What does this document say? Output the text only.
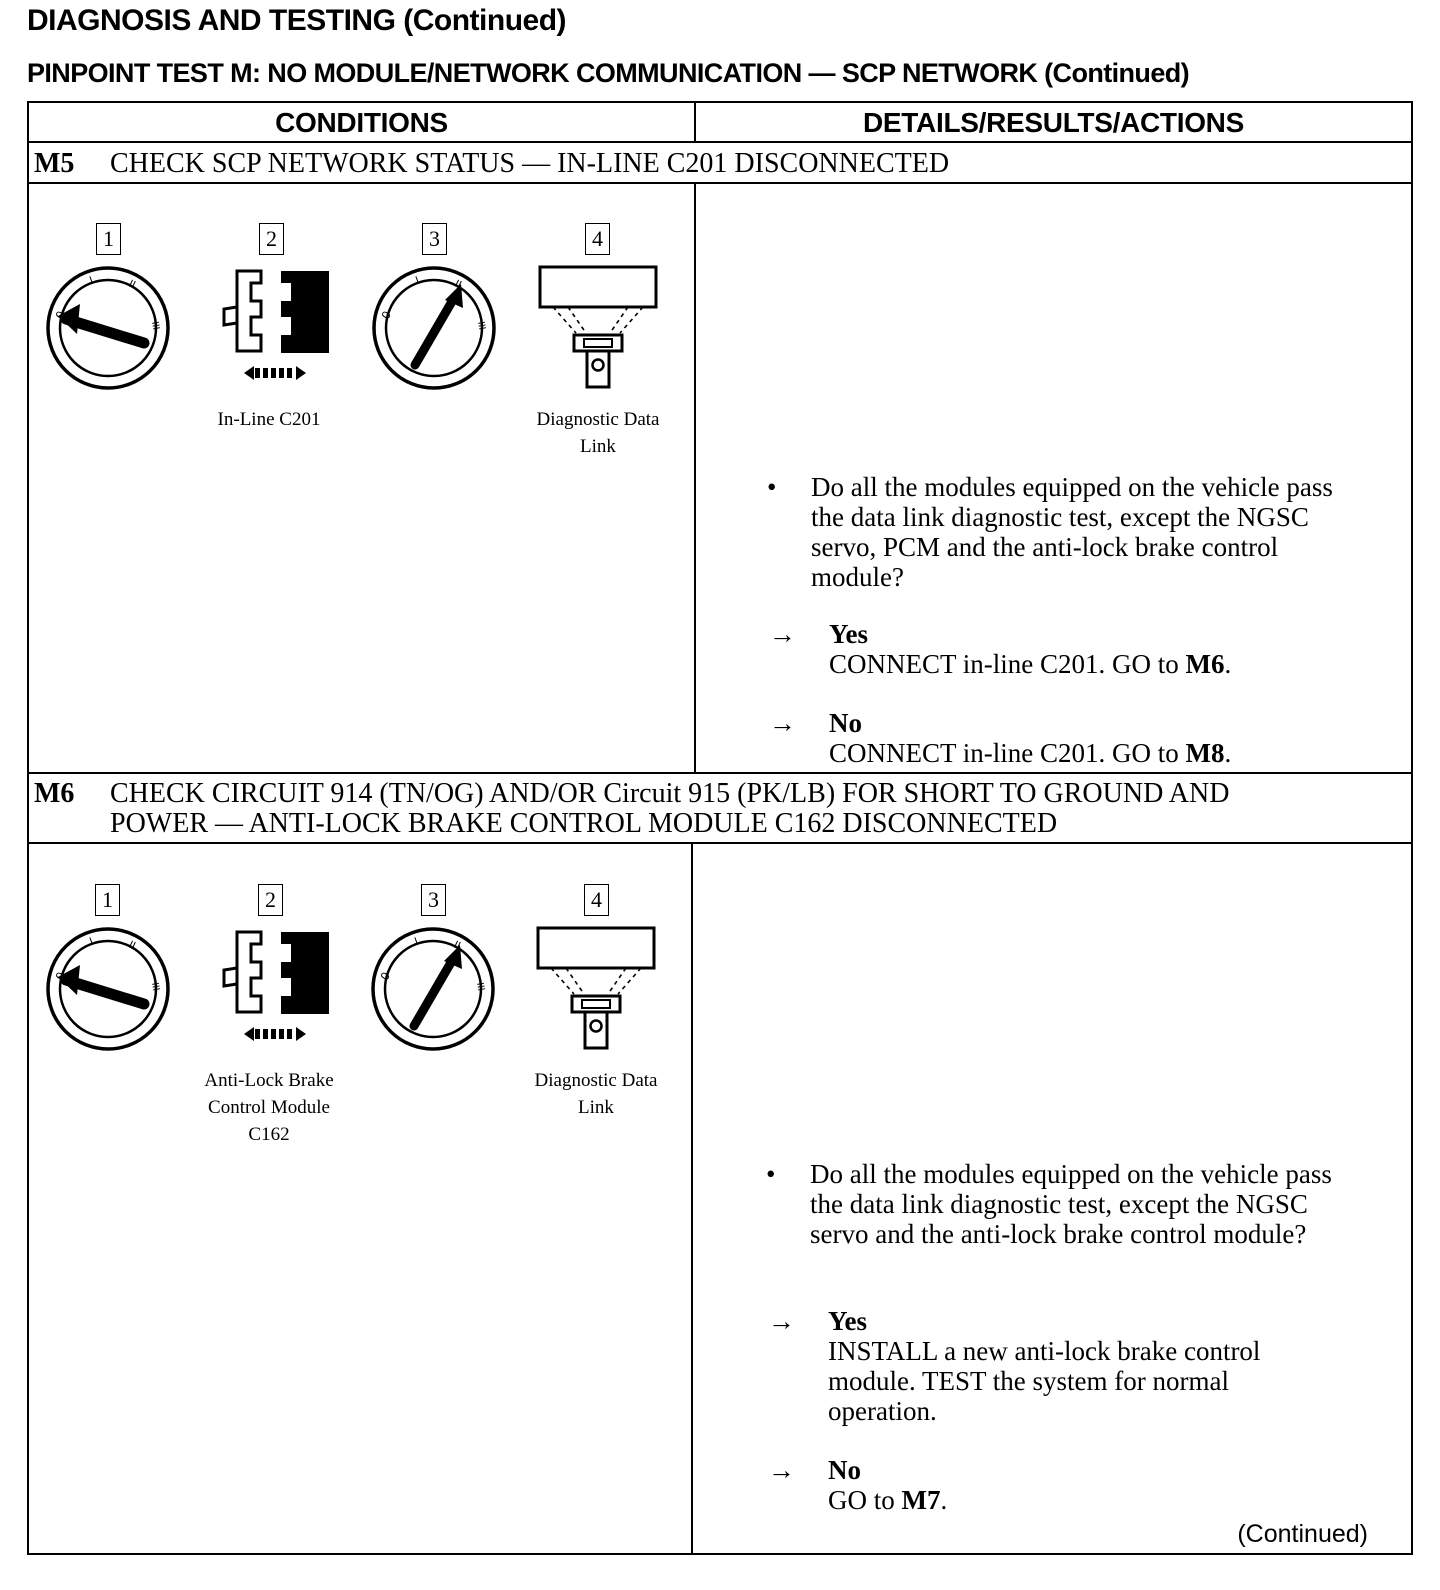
DIAGNOSIS AND TESTING (Continued)
PINPOINT TEST M: NO MODULE/NETWORK COMMUNICATION — SCP NETWORK (Continued)
CONDITIONS	DETAILS/RESULTS/ACTIONS
M5 CHECK SCP NETWORK STATUS — IN-LINE C201 DISCONNECTED
1	2	3	4
0
I	II
III
0
I	II
III
In-Line C201	Diagnostic Data
Link
• Do all the modules equipped on the vehicle pass the data link diagnostic test, except the NGSC servo, PCM and the anti-lock brake control module?
→ Yes
CONNECT in-line C201. GO to M6.
→ No
CONNECT in-line C201. GO to M8.
M6 CHECK CIRCUIT 914 (TN/OG) AND/OR Circuit 915 (PK/LB) FOR SHORT TO GROUND AND
POWER — ANTI-LOCK BRAKE CONTROL MODULE C162 DISCONNECTED
1	2	3	4
0
I	II
III
0
I	II
III
Anti-Lock Brake
Control Module
C162
Diagnostic Data
Link
• Do all the modules equipped on the vehicle pass the data link diagnostic test, except the NGSC servo and the anti-lock brake control module?
→ Yes
INSTALL a new anti-lock brake control module. TEST the system for normal operation.
→ No
GO to M7.
(Continued)
